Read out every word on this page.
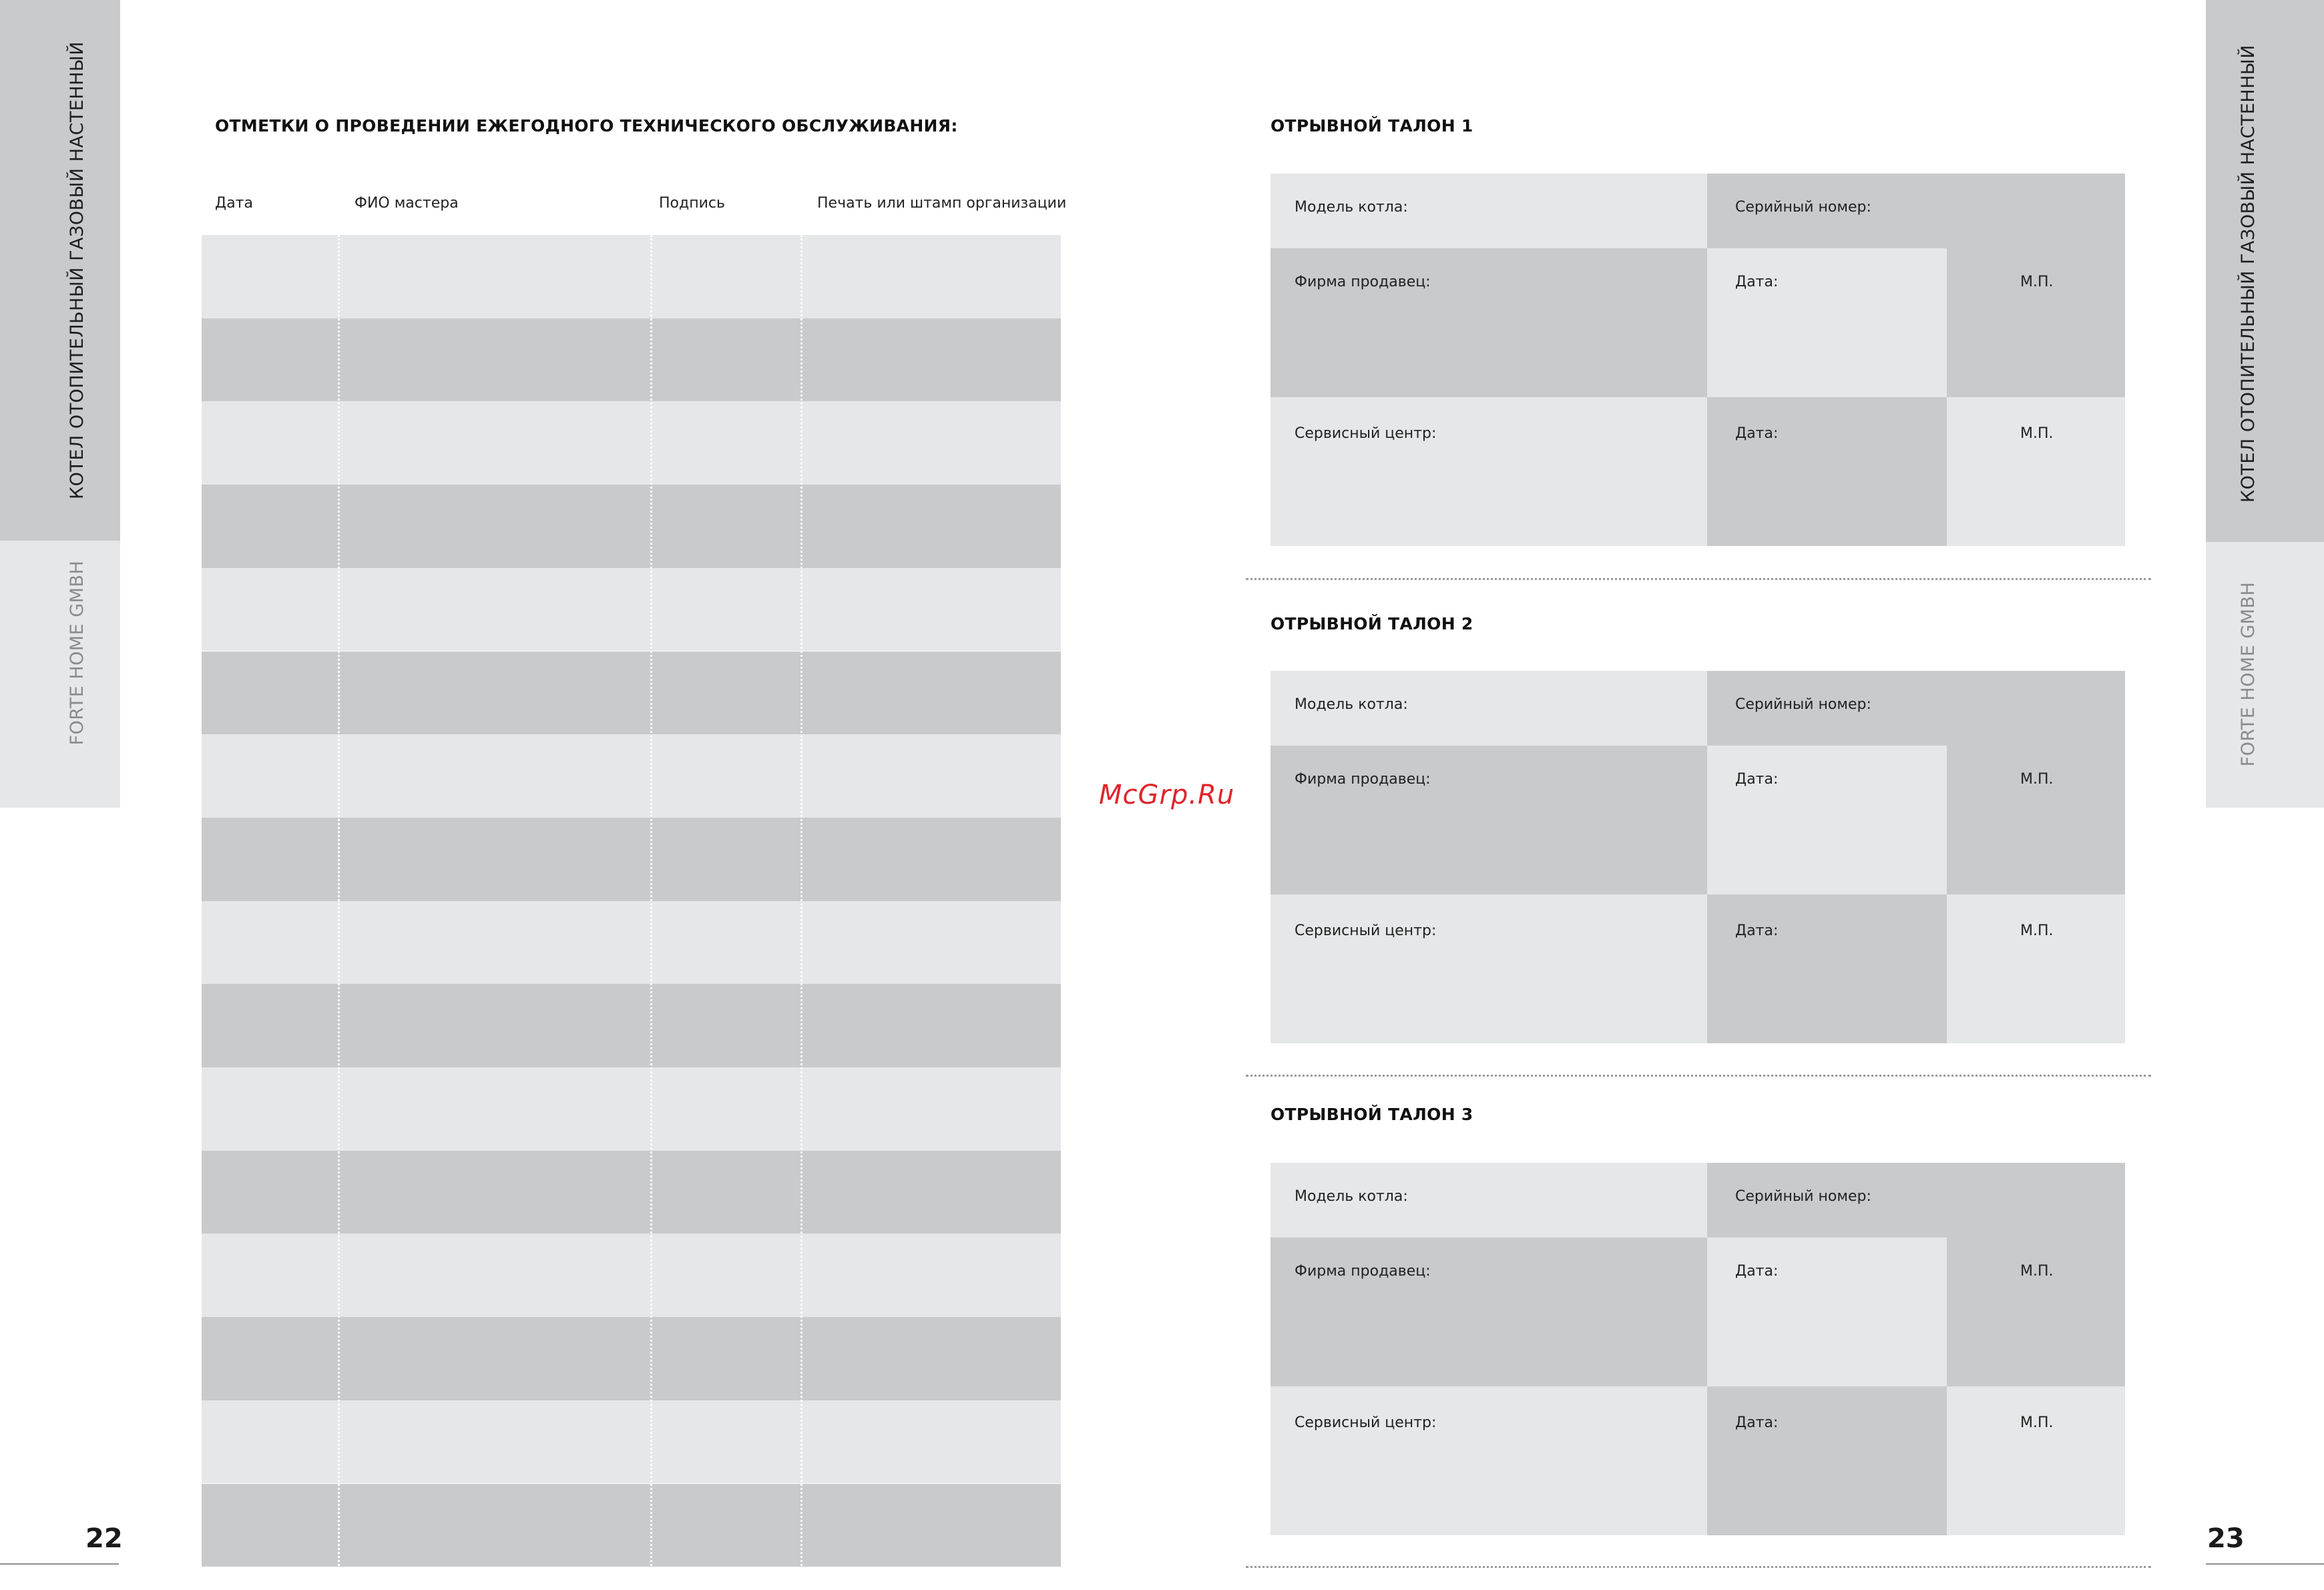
КОТЕЛ ОТОПИТЕЛЬНЫЙ ГАЗОВЫЙ НАСТЕННЫЙ
FORTE HOME GMBH
22
КОТЕЛ ОТОПИТЕЛЬНЫЙ ГАЗОВЫЙ НАСТЕННЫЙ
FORTE HOME GMBH
23
ОТМЕТКИ О ПРОВЕДЕНИИ ЕЖЕГОДНОГО ТЕХНИЧЕСКОГО ОБСЛУЖИВАНИЯ:
Дата	ФИО мастера	Подпись	Печать или штамп организации
McGrp.Ru
ОТРЫВНОЙ ТАЛОН 1
Модель котла:	Серийный номер:
Фирма продавец:	Дата:	М.П.
Сервисный центр:	Дата:	М.П.
ОТРЫВНОЙ ТАЛОН 2
Модель котла:	Серийный номер:
Фирма продавец:	Дата:	М.П.
Сервисный центр:	Дата:	М.П.
ОТРЫВНОЙ ТАЛОН 3
Модель котла:	Серийный номер:
Фирма продавец:	Дата:	М.П.
Сервисный центр:	Дата:	М.П.
